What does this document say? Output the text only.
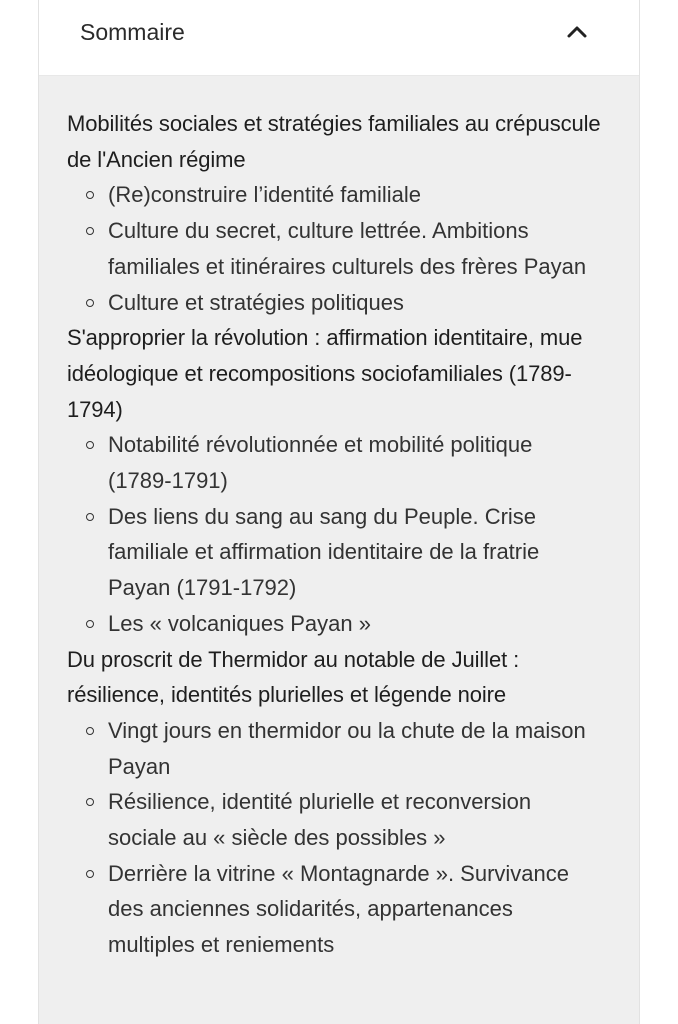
Sommaire
Mobilités sociales et stratégies familiales au crépuscule de l'Ancien régime
(Re)construire l’identité familiale
Culture du secret, culture lettrée. Ambitions familiales et itinéraires culturels des frères Payan
Culture et stratégies politiques
S'approprier la révolution : affirmation identitaire, mue idéologique et recompositions sociofamiliales (1789-1794)
Notabilité révolutionnée et mobilité politique (1789-1791)
Des liens du sang au sang du Peuple. Crise familiale et affirmation identitaire de la fratrie Payan (1791-1792)
Les « volcaniques Payan »
Du proscrit de Thermidor au notable de Juillet : résilience, identités plurielles et légende noire
Vingt jours en thermidor ou la chute de la maison Payan
Résilience, identité plurielle et reconversion sociale au « siècle des possibles »
Derrière la vitrine « Montagnarde ». Survivance des anciennes solidarités, appartenances multiples et reniements
